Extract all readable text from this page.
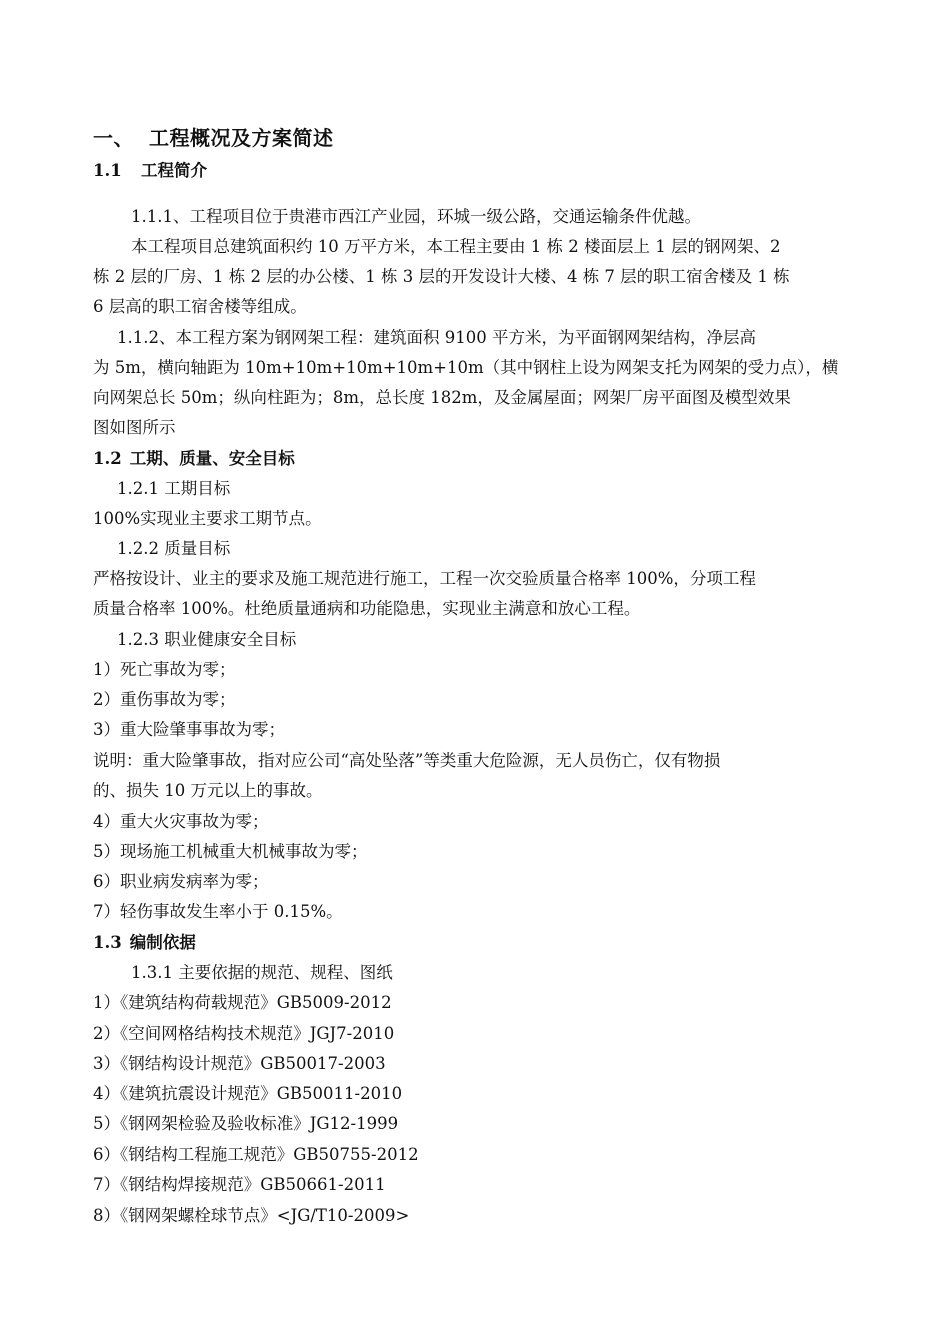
一、 工程概况及方案简述
1.1 工程简介
1.1.1、工程项目位于贵港市西江产业园，环城一级公路，交通运输条件优越。
本工程项目总建筑面积约 10 万平方米，本工程主要由 1 栋 2 楼面层上 1 层的钢网架、2
栋 2 层的厂房、1 栋 2 层的办公楼、1 栋 3 层的开发设计大楼、4 栋 7 层的职工宿舍楼及 1 栋
6 层高的职工宿舍楼等组成。
1.1.2、本工程方案为钢网架工程：建筑面积 9100 平方米，为平面钢网架结构，净层高
为 5m，横向轴距为 10m+10m+10m+10m+10m（其中钢柱上设为网架支托为网架的受力点），横
向网架总长 50m；纵向柱距为；8m，总长度 182m，及金属屋面；网架厂房平面图及模型效果
图如图所示
1.2 工期、质量、安全目标
1.2.1 工期目标
100%实现业主要求工期节点。
1.2.2 质量目标
严格按设计、业主的要求及施工规范进行施工，工程一次交验质量合格率 100%，分项工程
质量合格率 100%。杜绝质量通病和功能隐患，实现业主满意和放心工程。
1.2.3 职业健康安全目标
1）死亡事故为零；
2）重伤事故为零；
3）重大险肇事事故为零；
说明：重大险肇事故，指对应公司“高处坠落”等类重大危险源，无人员伤亡，仅有物损
的、损失 10 万元以上的事故。
4）重大火灾事故为零；
5）现场施工机械重大机械事故为零；
6）职业病发病率为零；
7）轻伤事故发生率小于 0.15%。
1.3 编制依据
1.3.1 主要依据的规范、规程、图纸
1）《建筑结构荷载规范》GB5009-2012
2）《空间网格结构技术规范》JGJ7-2010
3）《钢结构设计规范》GB50017-2003
4）《建筑抗震设计规范》GB50011-2010
5）《钢网架检验及验收标准》JG12-1999
6）《钢结构工程施工规范》GB50755-2012
7）《钢结构焊接规范》GB50661-2011
8）《钢网架螺栓球节点》<JG/T10-2009>
